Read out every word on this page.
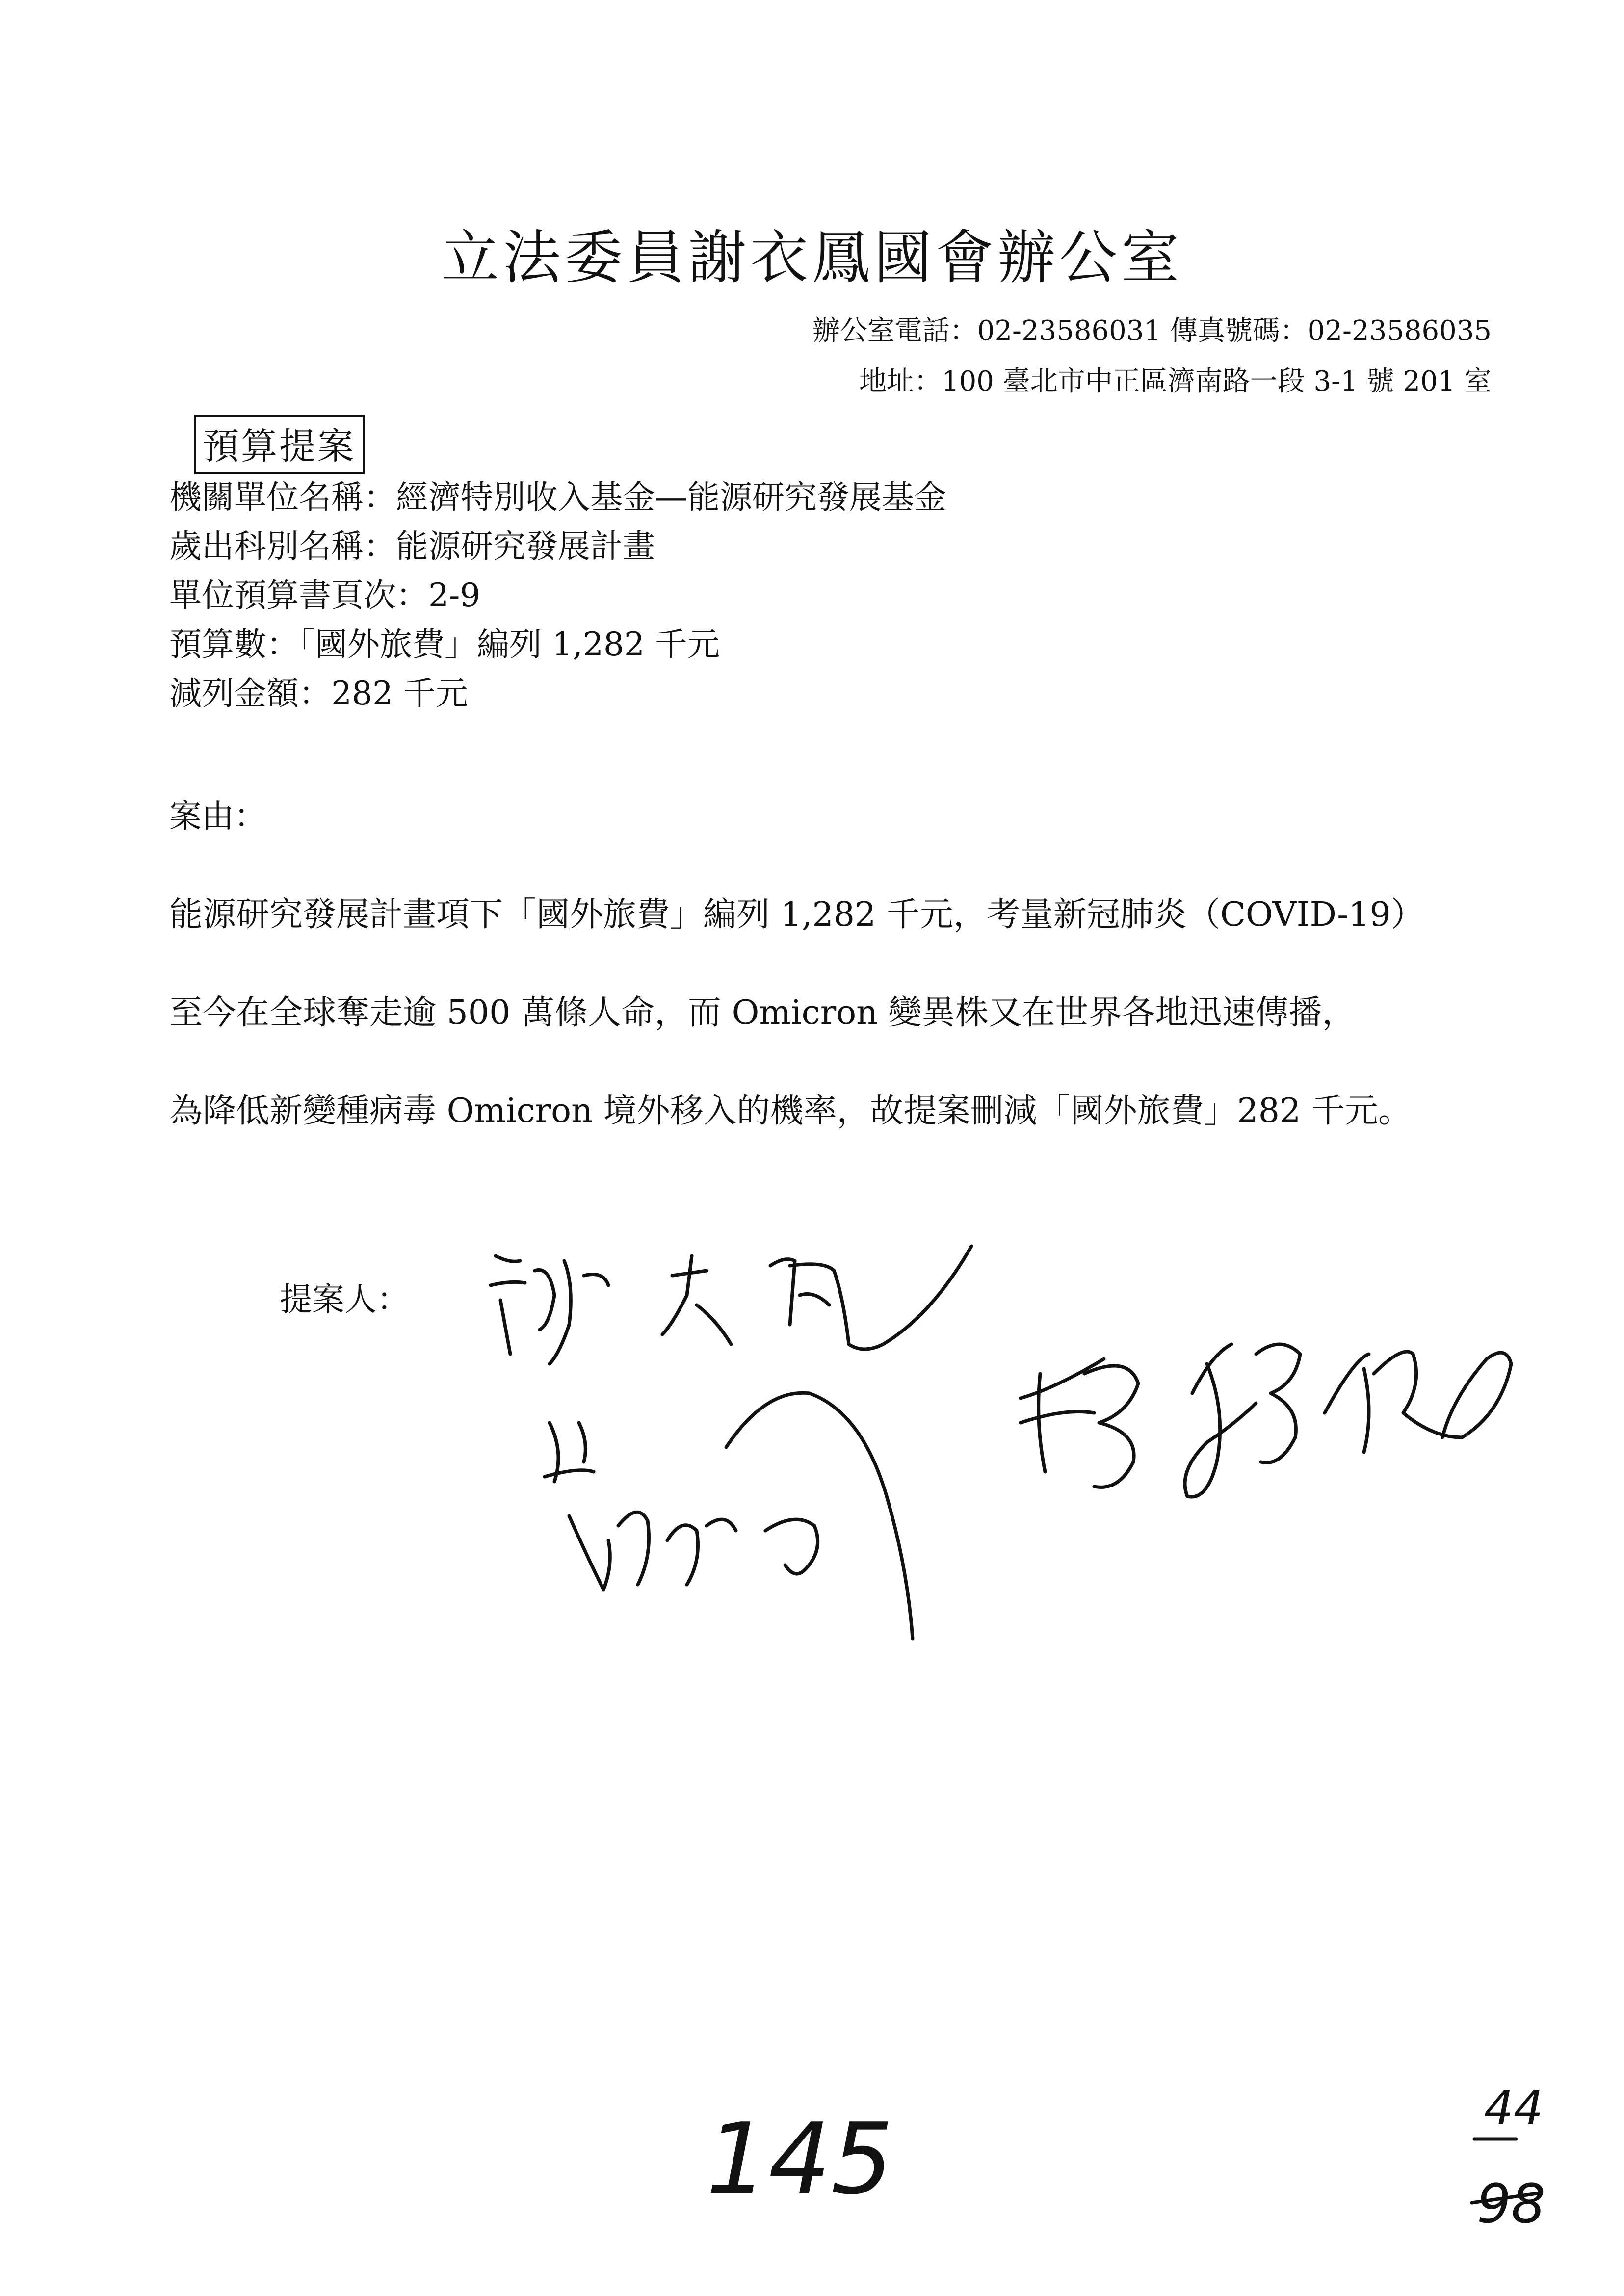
立法委員謝衣鳳國會辦公室
辦公室電話：02-23586031 傳真號碼：02-23586035
地址：100 臺北市中正區濟南路一段 3-1 號 201 室
預算提案
機關單位名稱：經濟特別收入基金—能源研究發展基金
歲出科別名稱：能源研究發展計畫
單位預算書頁次：2-9
預算數：「國外旅費」編列 1,282 千元
減列金額：282 千元
案由：
能源研究發展計畫項下「國外旅費」編列 1,282 千元，考量新冠肺炎（COVID-19）
至今在全球奪走逾 500 萬條人命，而 Omicron 變異株又在世界各地迅速傳播，
為降低新變種病毒 Omicron 境外移入的機率，故提案刪減「國外旅費」282 千元。
提案人：
145	44
98
